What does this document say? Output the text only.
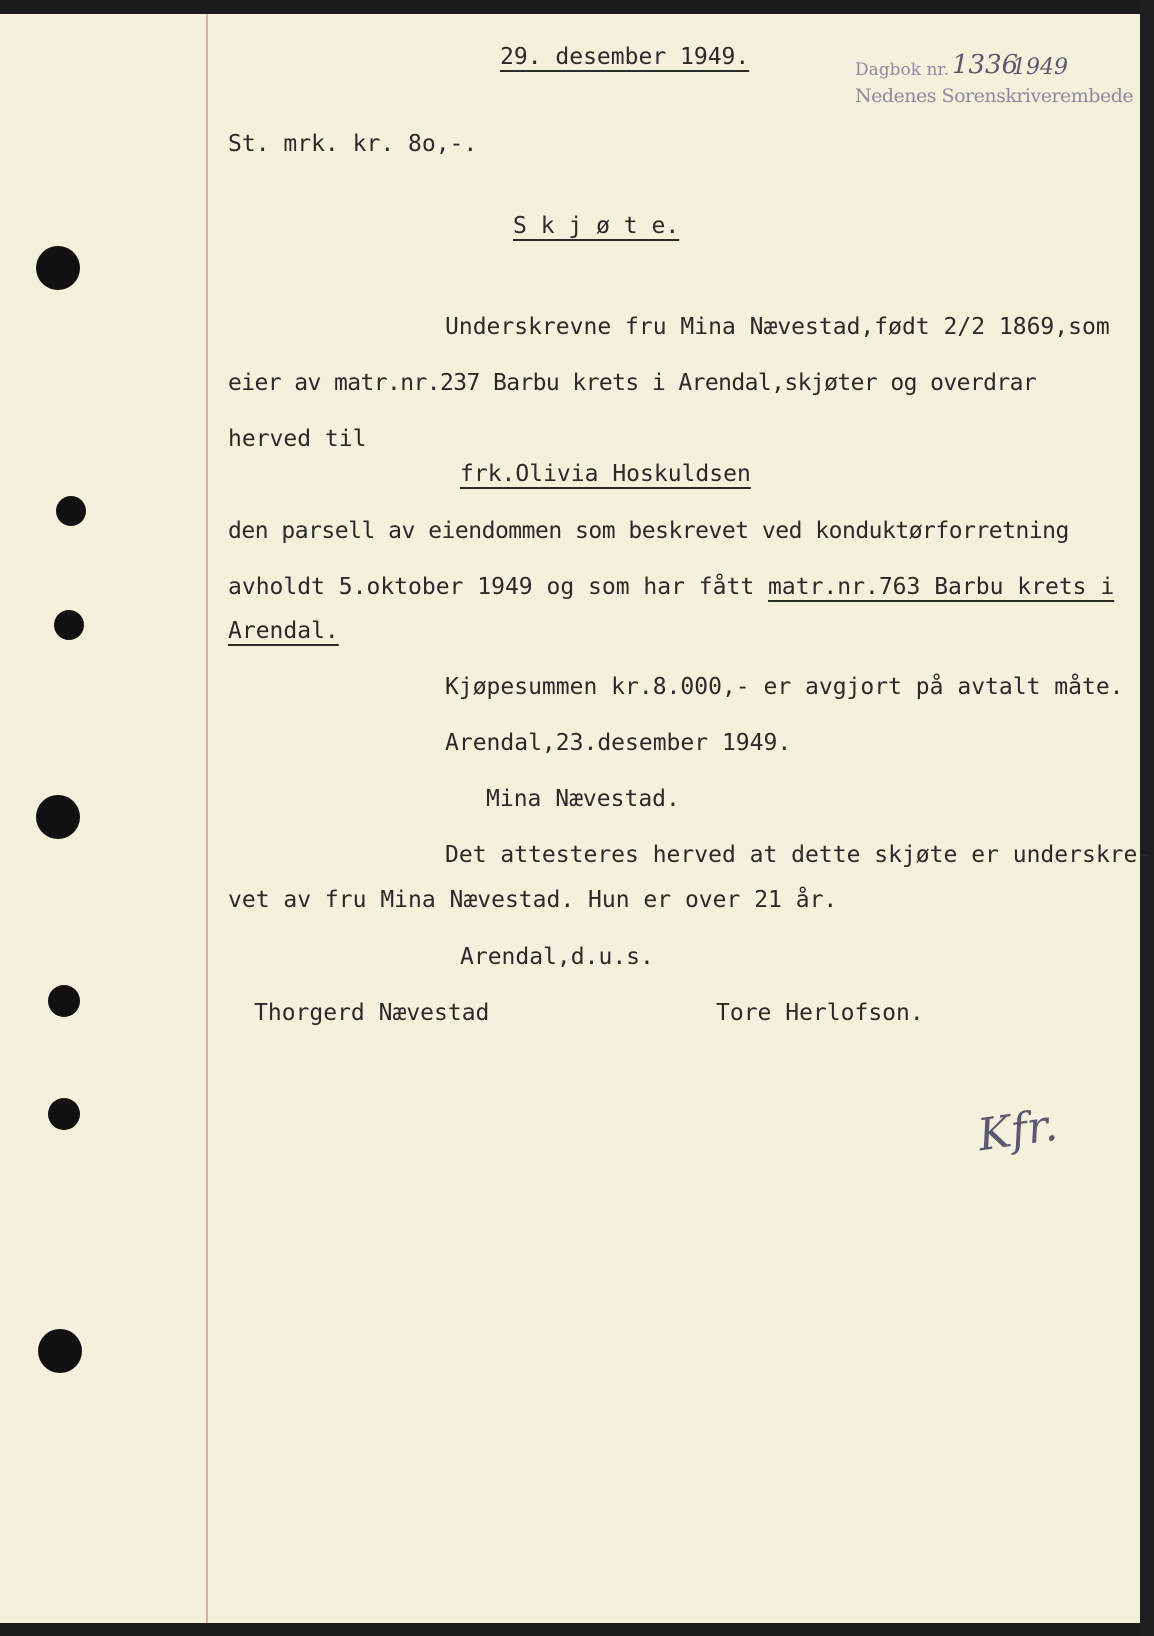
29. desember 1949.	Dagbok nr. 1336
1949
Nedenes Sorenskriverembede
St. mrk. kr. 8o,-.
S k j ø t e.
Underskrevne fru Mina Nævestad,født 2/2 1869,som
eier av matr.nr.237 Barbu krets i Arendal,skjøter og overdrar
herved til
frk.Olivia Hoskuldsen
den parsell av eiendommen som beskrevet ved konduktørforretning
avholdt 5.oktober 1949 og som har fått matr.nr.763 Barbu krets i
Arendal.
Kjøpesummen kr.8.000,- er avgjort på avtalt måte.
Arendal,23.desember 1949.
Mina Nævestad.
Det attesteres herved at dette skjøte er underskre-
vet av fru Mina Nævestad. Hun er over 21 år.
Arendal,d.u.s.
Thorgerd Nævestad	Tore Herlofson.
Kfr.
